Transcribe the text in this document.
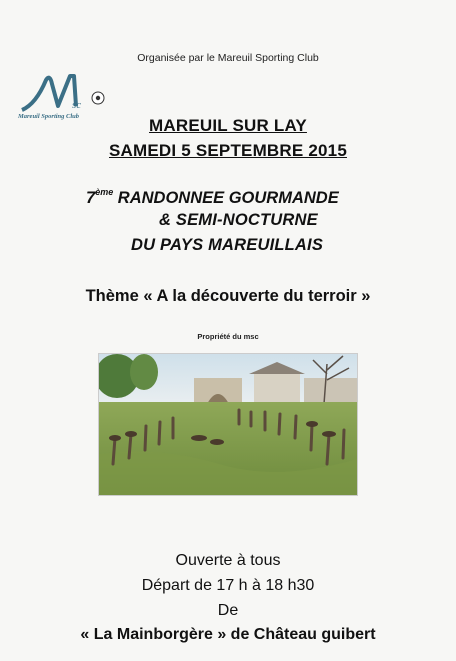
Organisée par le Mareuil Sporting Club
sc
Mareuil Sporting Club	MAREUIL SUR LAY
SAMEDI 5 SEPTEMBRE 2015
7ème RANDONNEE GOURMANDE
& SEMI-NOCTURNE
DU PAYS MAREUILLAIS
Thème « A la découverte du terroir »
Propriété du msc
Ouverte à tous
Départ de 17 h à 18 h30
De
« La Mainborgère » de Château guibert
